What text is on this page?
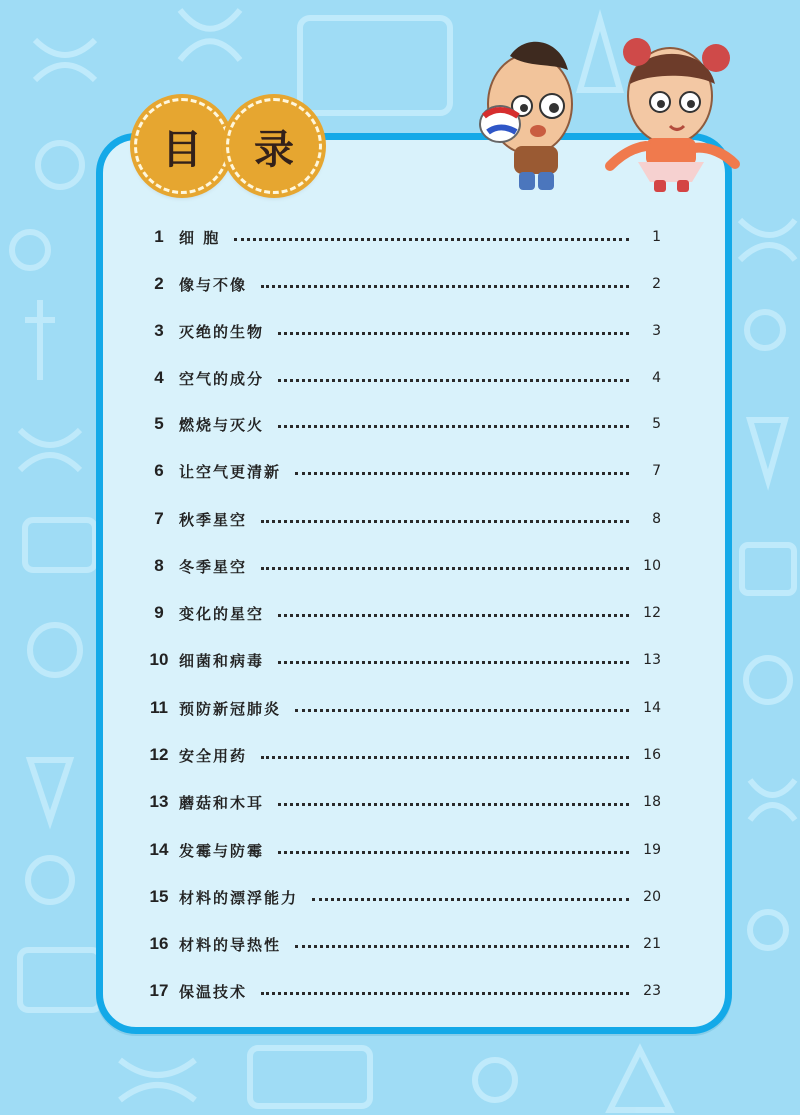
目 录
1	细 胞	1
2	像与不像	2
3	灭绝的生物	3
4	空气的成分	4
5	燃烧与灭火	5
6	让空气更清新	7
7	秋季星空	8
8	冬季星空	10
9	变化的星空	12
10 细菌和病毒	13
11 预防新冠肺炎	14
12 安全用药	16
13 蘑菇和木耳	18
14 发霉与防霉	19
15 材料的漂浮能力	20
16 材料的导热性	21
17 保温技术	23
